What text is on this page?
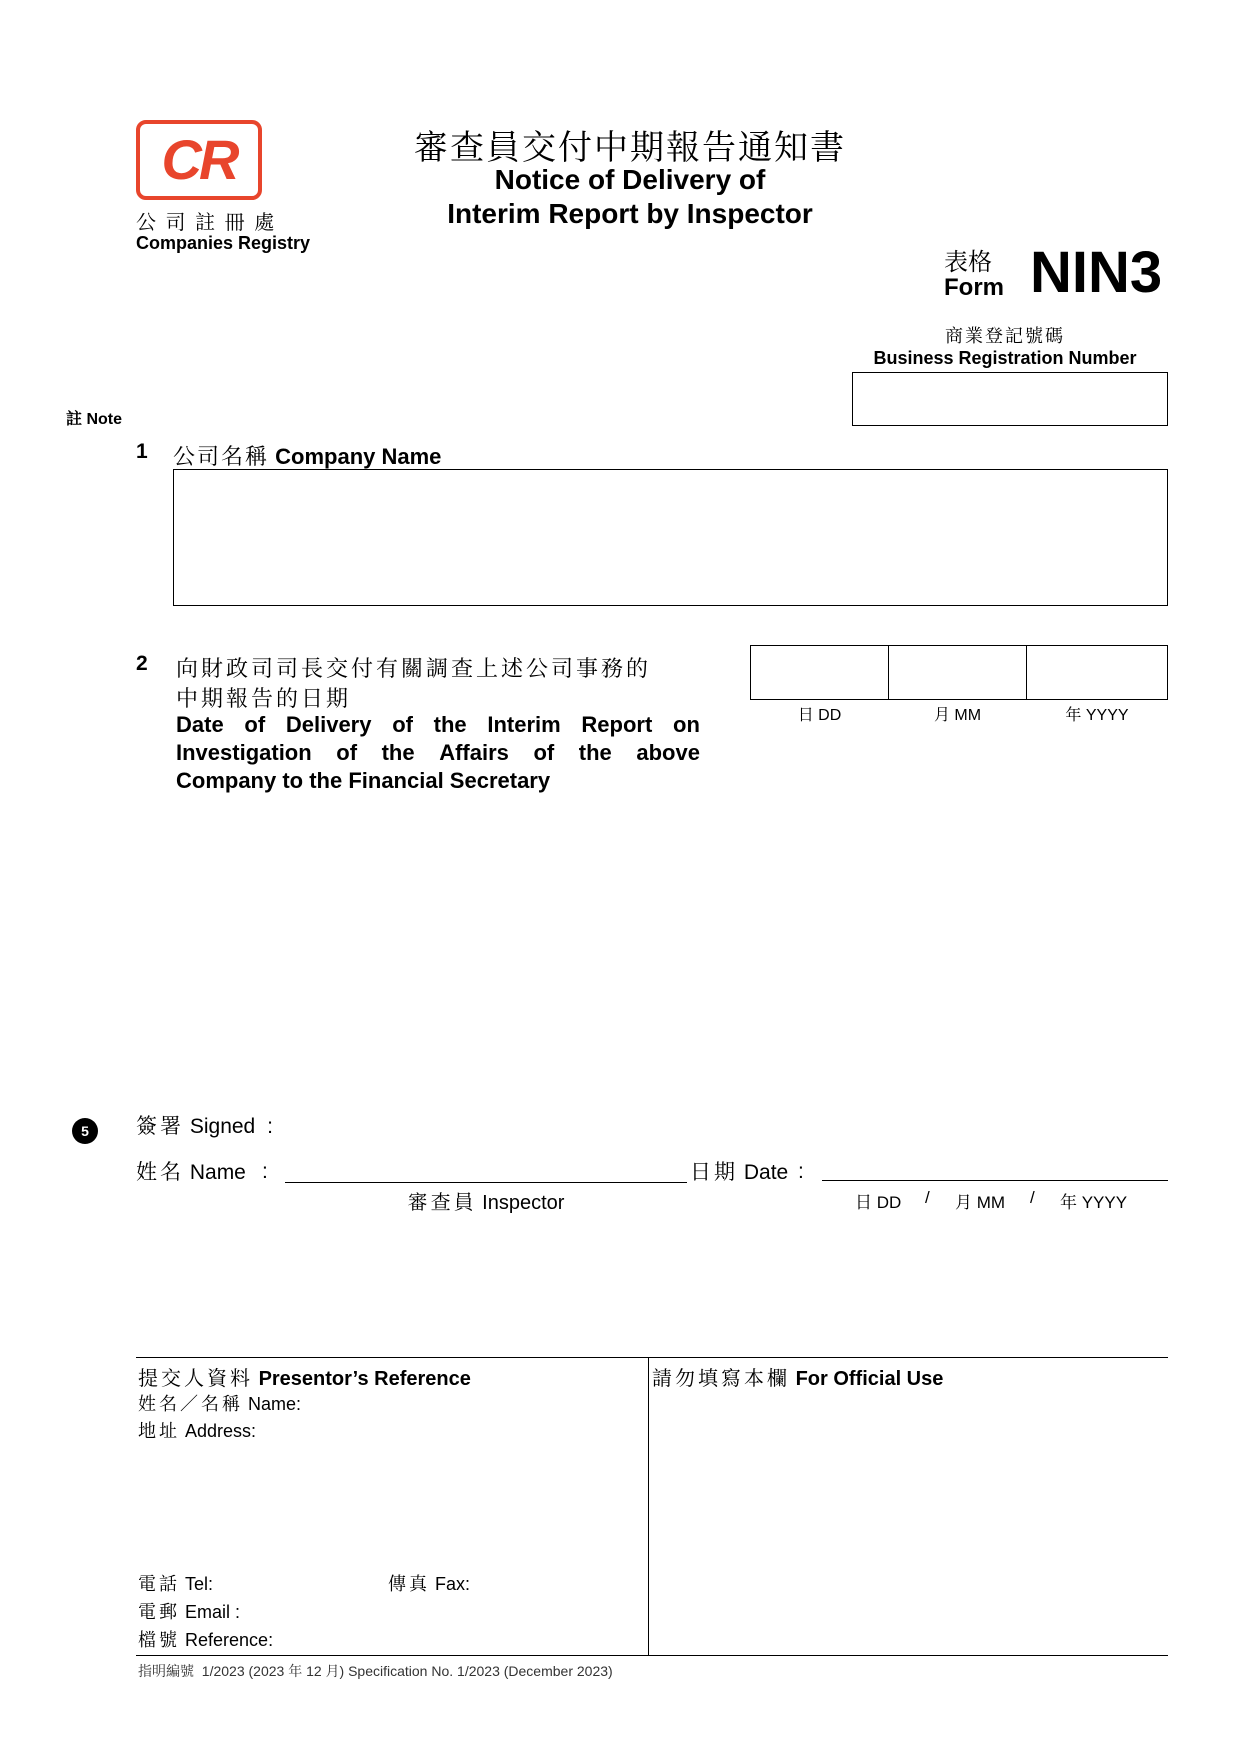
CR
公 司 註 冊 處
Companies Registry
審查員交付中期報告通知書
Notice of Delivery of
Interim Report by Inspector
表格
Form NIN3
商業登記號碼
Business Registration Number
註 Note
1 公司名稱 Company Name
2 向財政司司長交付有關調查上述公司事務的
中期報告的日期
Date of Delivery of the Interim Report on
Investigation of the Affairs of the above
Company to the Financial Secretary
日 DD	月 MM	年 YYYY
5	簽署 Signed :
姓名 Name :
審查員 Inspector
日期 Date :
日 DD / 月 MM / 年 YYYY
提交人資料 Presentor’s Reference
姓名／名稱 Name:
地址 Address:
電話 Tel:	傳真 Fax:
電郵 Email :
檔號 Reference:
請勿填寫本欄 For Official Use
指明編號 1/2023 (2023 年 12 月) Specification No. 1/2023 (December 2023)
